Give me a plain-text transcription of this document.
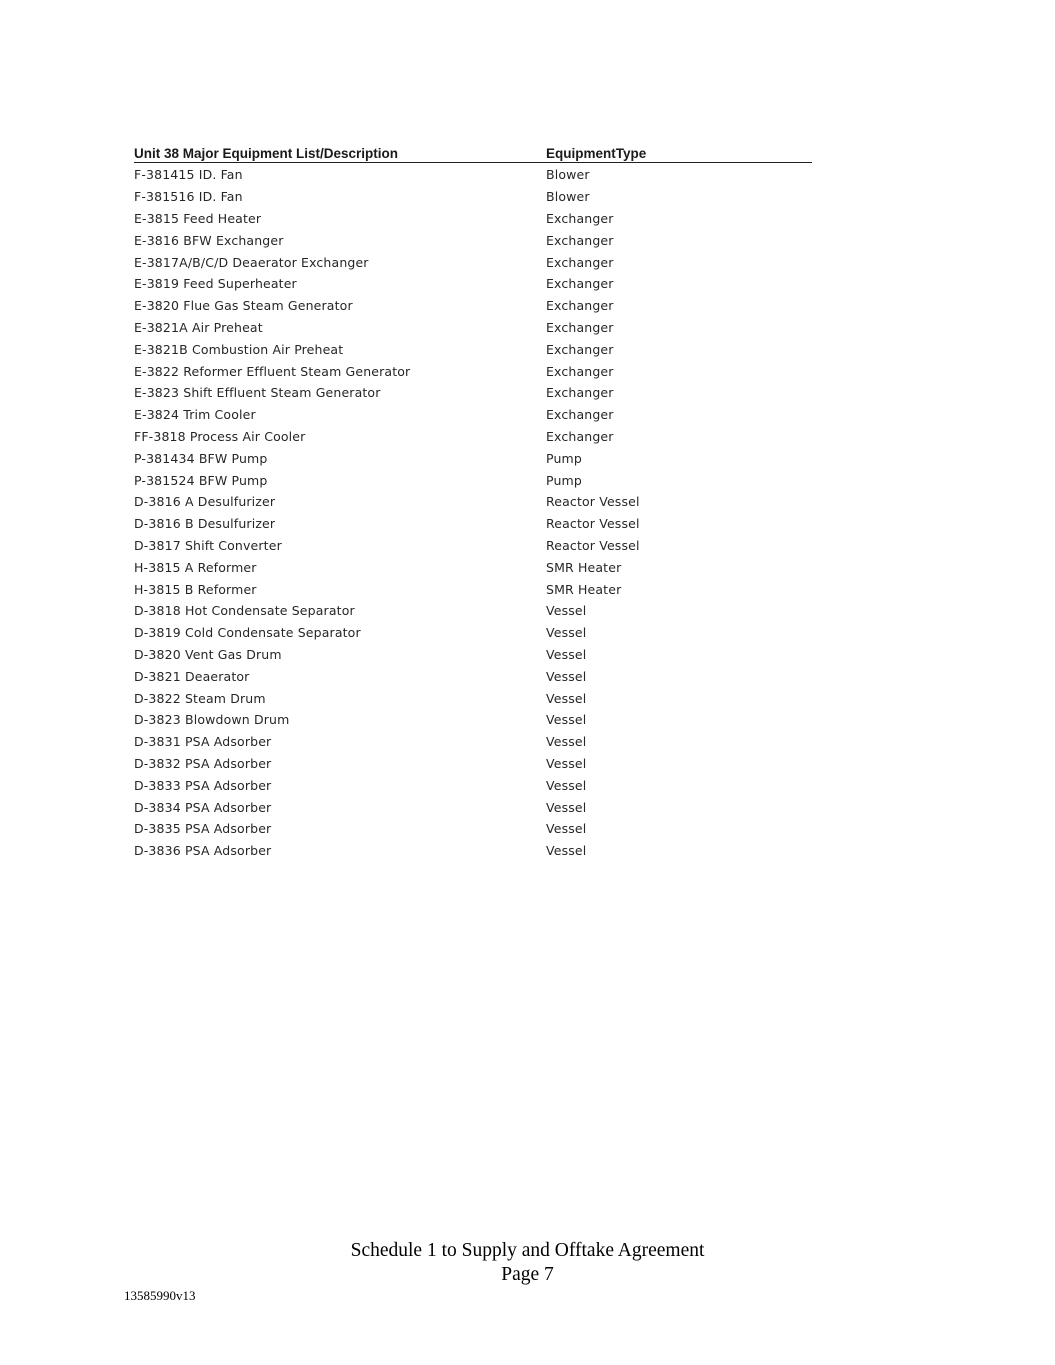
Unit 38 Major Equipment List/Description	EquipmentType
F-381415 ID. Fan	Blower
F-381516 ID. Fan	Blower
E-3815 Feed Heater	Exchanger
E-3816 BFW Exchanger	Exchanger
E-3817A/B/C/D Deaerator Exchanger	Exchanger
E-3819 Feed Superheater	Exchanger
E-3820 Flue Gas Steam Generator	Exchanger
E-3821A Air Preheat	Exchanger
E-3821B Combustion Air Preheat	Exchanger
E-3822 Reformer Effluent Steam Generator	Exchanger
E-3823 Shift Effluent Steam Generator	Exchanger
E-3824 Trim Cooler	Exchanger
FF-3818 Process Air Cooler	Exchanger
P-381434 BFW Pump	Pump
P-381524 BFW Pump	Pump
D-3816 A Desulfurizer	Reactor Vessel
D-3816 B Desulfurizer	Reactor Vessel
D-3817 Shift Converter	Reactor Vessel
H-3815 A Reformer	SMR Heater
H-3815 B Reformer	SMR Heater
D-3818 Hot Condensate Separator	Vessel
D-3819 Cold Condensate Separator	Vessel
D-3820 Vent Gas Drum	Vessel
D-3821 Deaerator	Vessel
D-3822 Steam Drum	Vessel
D-3823 Blowdown Drum	Vessel
D-3831 PSA Adsorber	Vessel
D-3832 PSA Adsorber	Vessel
D-3833 PSA Adsorber	Vessel
D-3834 PSA Adsorber	Vessel
D-3835 PSA Adsorber	Vessel
D-3836 PSA Adsorber	Vessel
Schedule 1 to Supply and Offtake Agreement
Page 7
13585990v13
